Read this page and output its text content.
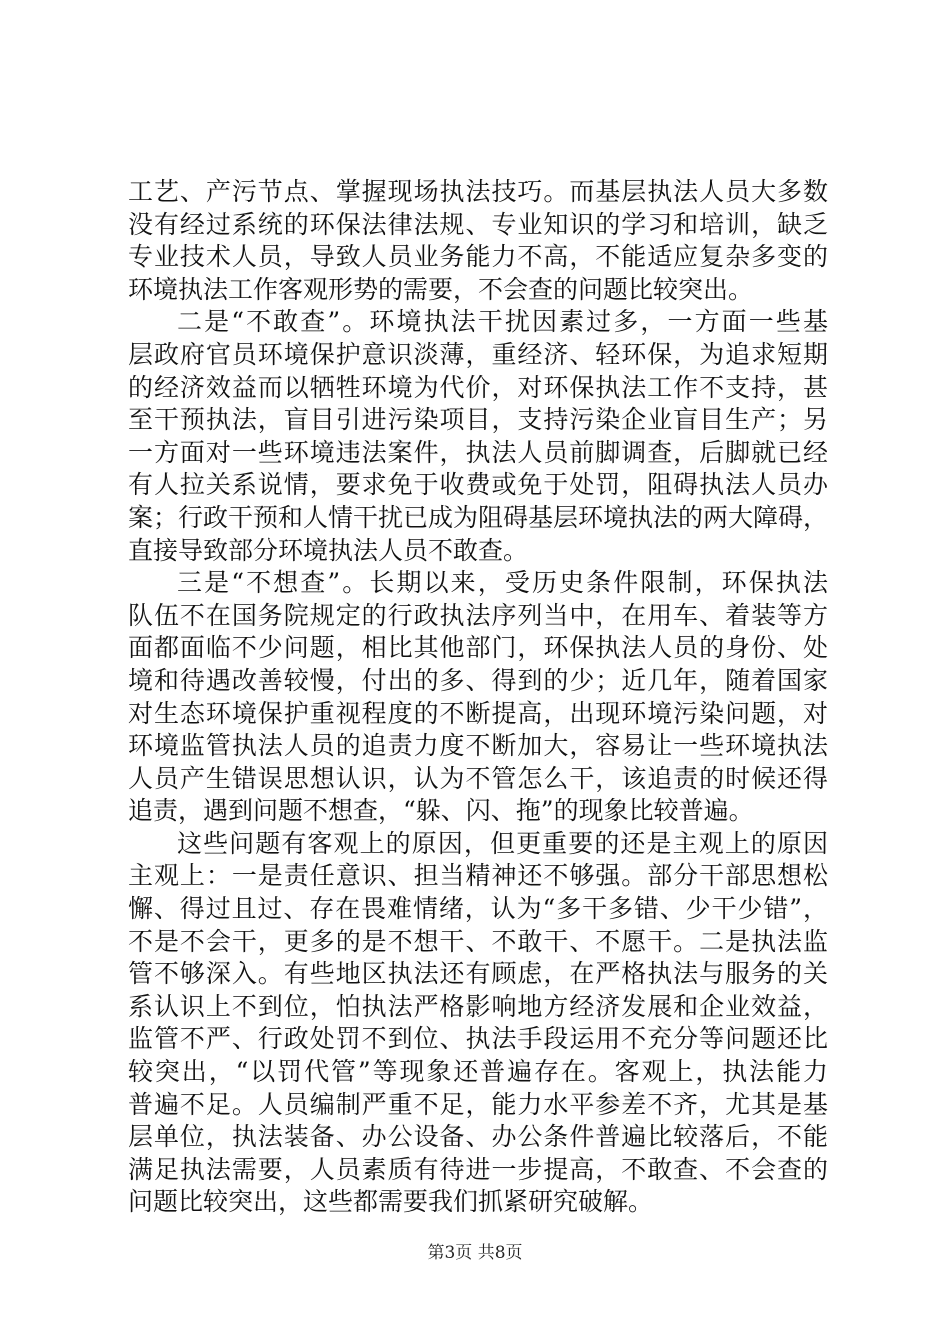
工艺、产污节点、掌握现场执法技巧。而基层执法人员大多数
没有经过系统的环保法律法规、专业知识的学习和培训，缺乏
专业技术人员，导致人员业务能力不高，不能适应复杂多变的
环境执法工作客观形势的需要，不会查的问题比较突出。
二是“不敢查”。环境执法干扰因素过多，一方面一些基
层政府官员环境保护意识淡薄，重经济、轻环保，为追求短期
的经济效益而以牺牲环境为代价，对环保执法工作不支持，甚
至干预执法，盲目引进污染项目，支持污染企业盲目生产；另
一方面对一些环境违法案件，执法人员前脚调查，后脚就已经
有人拉关系说情，要求免于收费或免于处罚，阻碍执法人员办
案；行政干预和人情干扰已成为阻碍基层环境执法的两大障碍，
直接导致部分环境执法人员不敢查。
三是“不想查”。长期以来，受历史条件限制，环保执法
队伍不在国务院规定的行政执法序列当中，在用车、着装等方
面都面临不少问题，相比其他部门，环保执法人员的身份、处
境和待遇改善较慢，付出的多、得到的少；近几年，随着国家
对生态环境保护重视程度的不断提高，出现环境污染问题，对
环境监管执法人员的追责力度不断加大，容易让一些环境执法
人员产生错误思想认识，认为不管怎么干，该追责的时候还得
追责，遇到问题不想查，“躲、闪、拖”的现象比较普遍。
这些问题有客观上的原因，但更重要的还是主观上的原因
主观上：一是责任意识、担当精神还不够强。部分干部思想松
懈、得过且过、存在畏难情绪，认为“多干多错、少干少错”，
不是不会干，更多的是不想干、不敢干、不愿干。二是执法监
管不够深入。有些地区执法还有顾虑，在严格执法与服务的关
系认识上不到位，怕执法严格影响地方经济发展和企业效益，
监管不严、行政处罚不到位、执法手段运用不充分等问题还比
较突出，“以罚代管”等现象还普遍存在。客观上，执法能力
普遍不足。人员编制严重不足，能力水平参差不齐，尤其是基
层单位，执法装备、办公设备、办公条件普遍比较落后，不能
满足执法需要，人员素质有待进一步提高，不敢查、不会查的
问题比较突出，这些都需要我们抓紧研究破解。
第3页 共8页
